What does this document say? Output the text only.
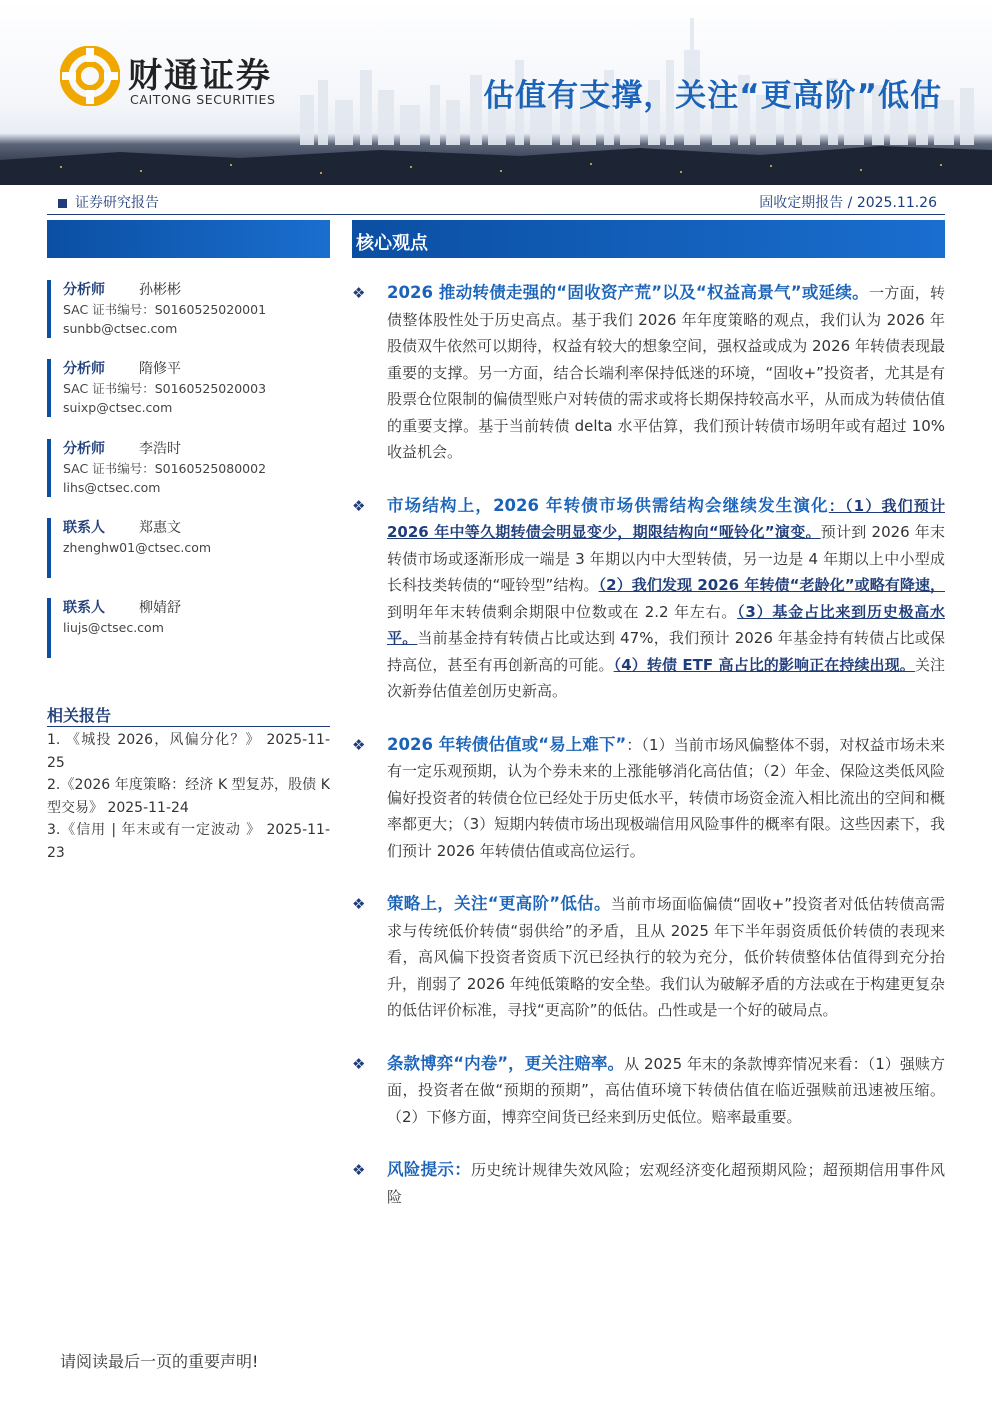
财通证券
CAITONG SECURITIES	估值有支撑，关注“更高阶”低估
证券研究报告	固收定期报告 / 2025.11.26
核心观点
分析师 孙彬彬
SAC 证书编号：S0160525020001
sunbb@ctsec.com
分析师 隋修平
SAC 证书编号：S0160525020003
suixp@ctsec.com
分析师 李浩时
SAC 证书编号：S0160525080002
lihs@ctsec.com
联系人 郑惠文
zhenghw01@ctsec.com
联系人 柳婧舒
liujs@ctsec.com
相关报告
1. 《城投 2026，风偏分化？》 2025-11-25
2.《2026 年度策略：经济 K 型复苏，股债 K 型交易》 2025-11-24
3.《信用 | 年末或有一定波动 》 2025-11-23
❖	2026 推动转债走强的“固收资产荒”以及“权益高景气”或延续。一方面，转债整体股性处于历史高点。基于我们 2026 年年度策略的观点，我们认为 2026 年股债双牛依然可以期待，权益有较大的想象空间，强权益或成为 2026 年转债表现最重要的支撑。另一方面，结合长端利率保持低迷的环境，“固收+”投资者，尤其是有股票仓位限制的偏债型账户对转债的需求或将长期保持较高水平，从而成为转债估值的重要支撑。基于当前转债 delta 水平估算，我们预计转债市场明年或有超过 10%收益机会。
❖	市场结构上，2026 年转债市场供需结构会继续发生演化：（1）我们预计 2026 年中等久期转债会明显变少，期限结构向“哑铃化”演变。预计到 2026 年末转债市场或逐渐形成一端是 3 年期以内中大型转债，另一边是 4 年期以上中小型成长科技类转债的“哑铃型”结构。（2）我们发现 2026 年转债“老龄化”或略有降速，到明年年末转债剩余期限中位数或在 2.2 年左右。（3）基金占比来到历史极高水平。当前基金持有转债占比或达到 47%，我们预计 2026 年基金持有转债占比或保持高位，甚至有再创新高的可能。（4）转债 ETF 高占比的影响正在持续出现。关注次新券估值差创历史新高。
❖	2026 年转债估值或“易上难下”：（1）当前市场风偏整体不弱，对权益市场未来有一定乐观预期，认为个券未来的上涨能够消化高估值；（2）年金、保险这类低风险偏好投资者的转债仓位已经处于历史低水平，转债市场资金流入相比流出的空间和概率都更大；（3）短期内转债市场出现极端信用风险事件的概率有限。这些因素下，我们预计 2026 年转债估值或高位运行。
❖	策略上，关注“更高阶”低估。当前市场面临偏债“固收+”投资者对低估转债高需求与传统低价转债“弱供给”的矛盾，且从 2025 年下半年弱资质低价转债的表现来看，高风偏下投资者资质下沉已经执行的较为充分，低价转债整体估值得到充分抬升，削弱了 2026 年纯低策略的安全垫。我们认为破解矛盾的方法或在于构建更复杂的低估评价标准，寻找“更高阶”的低估。凸性或是一个好的破局点。
❖	条款博弈“内卷”，更关注赔率。从 2025 年末的条款博弈情况来看：（1）强赎方面，投资者在做“预期的预期”，高估值环境下转债估值在临近强赎前迅速被压缩。（2）下修方面，博弈空间货已经来到历史低位。赔率最重要。
❖	风险提示：历史统计规律失效风险；宏观经济变化超预期风险；超预期信用事件风险
请阅读最后一页的重要声明!
